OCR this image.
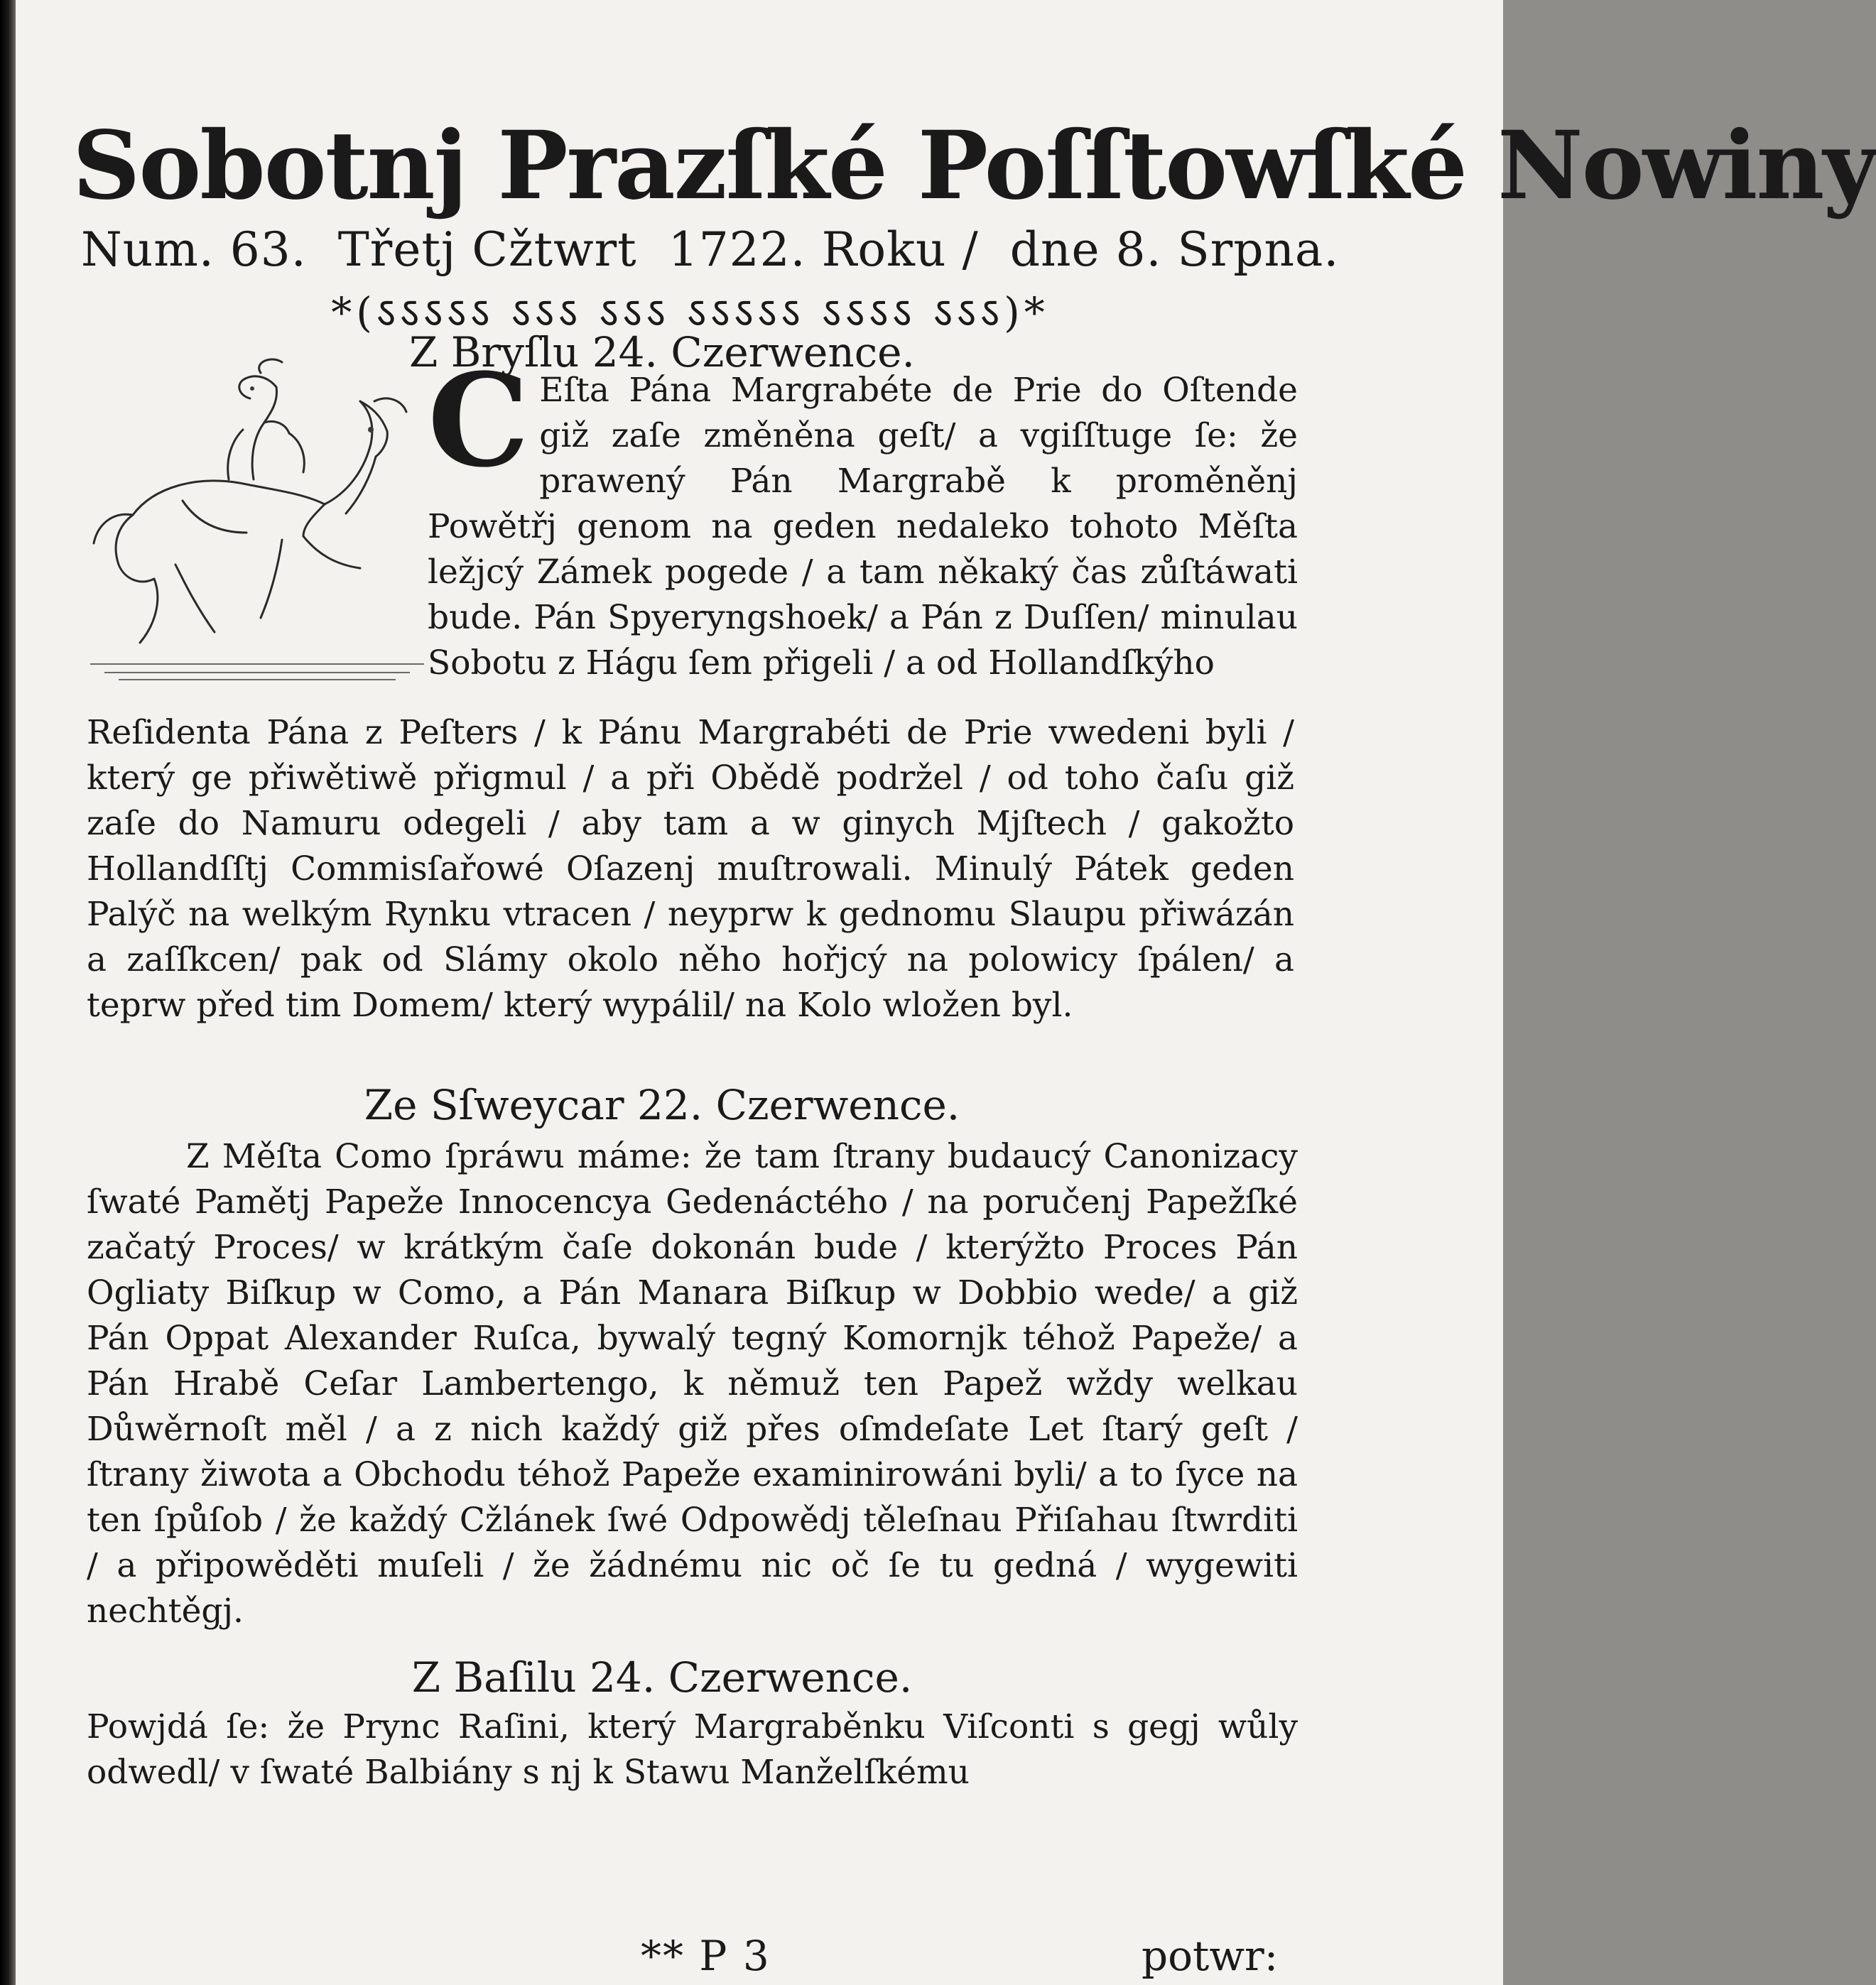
Sobotnj Prazſké Poſſtowſké Nowiny
Num. 63. Třetj Cžtwrt 1722. Roku / dne 8. Srpna.
*(ऽऽऽऽऽ ऽऽऽ ऽऽऽ ऽऽऽऽऽ ऽऽऽऽ ऽऽऽ)*
Z Bryſlu 24. Czerwence.
C Eſta Pána Margrabéte de Prie do Oſtende giž zaſe změněna geſt/ a vgiſſtuge ſe: že prawený Pán Margrabě k proměněnj Powětřj genom na geden nedaleko tohoto Měſta ležjcý Zámek pogede / a tam někaký čas zůſtáwati bude. Pán Spyeryngshoek/ a Pán z Duſſen/ minulau Sobotu z Hágu ſem přigeli / a od Hollandſkýho
Reſidenta Pána z Peſters / k Pánu Margrabéti de Prie vwedeni byli / který ge přiwětiwě přigmul / a při Obědě podržel / od toho čaſu giž zaſe do Namuru odegeli / aby tam a w ginych Mjſtech / gakožto Hollandſſtj Commisſařowé Oſazenj muſtrowali. Minulý Pátek geden Palýč na welkým Rynku vtracen / neyprw k gednomu Slaupu přiwázán a zaſſkcen/ pak od Slámy okolo něho hořjcý na polowicy ſpálen/ a teprw před tim Domem/ který wypálil/ na Kolo wložen byl.
Ze Sſweycar 22. Czerwence.
Z Měſta Como ſpráwu máme: že tam ſtrany budaucý Canonizacy ſwaté Pamětj Papeže Innocencya Gedenáctého / na poručenj Papežſké začatý Proces/ w krátkým čaſe dokonán bude / kterýžto Proces Pán Ogliaty Biſkup w Como, a Pán Manara Biſkup w Dobbio wede/ a giž Pán Oppat Alexander Ruſca, bywalý tegný Komornjk téhož Papeže/ a Pán Hrabě Ceſar Lambertengo, k němuž ten Papež wždy welkau Důwěrnoſt měl / a z nich každý giž přes oſmdeſate Let ſtarý geſt / ſtrany žiwota a Obchodu téhož Papeže examinirowáni byli/ a to ſyce na ten ſpůſob / že každý Cžlánek ſwé Odpowědj těleſnau Přiſahau ſtwrditi / a připowěděti muſeli / že žádnému nic oč ſe tu gedná / wygewiti nechtěgj.
Z Baſilu 24. Czerwence.
Powjdá ſe: že Prync Raſini, který Margraběnku Viſconti s gegj wůly odwedl/ v ſwaté Balbiány s nj k Stawu Manželſkému
** P 3	potwr:
